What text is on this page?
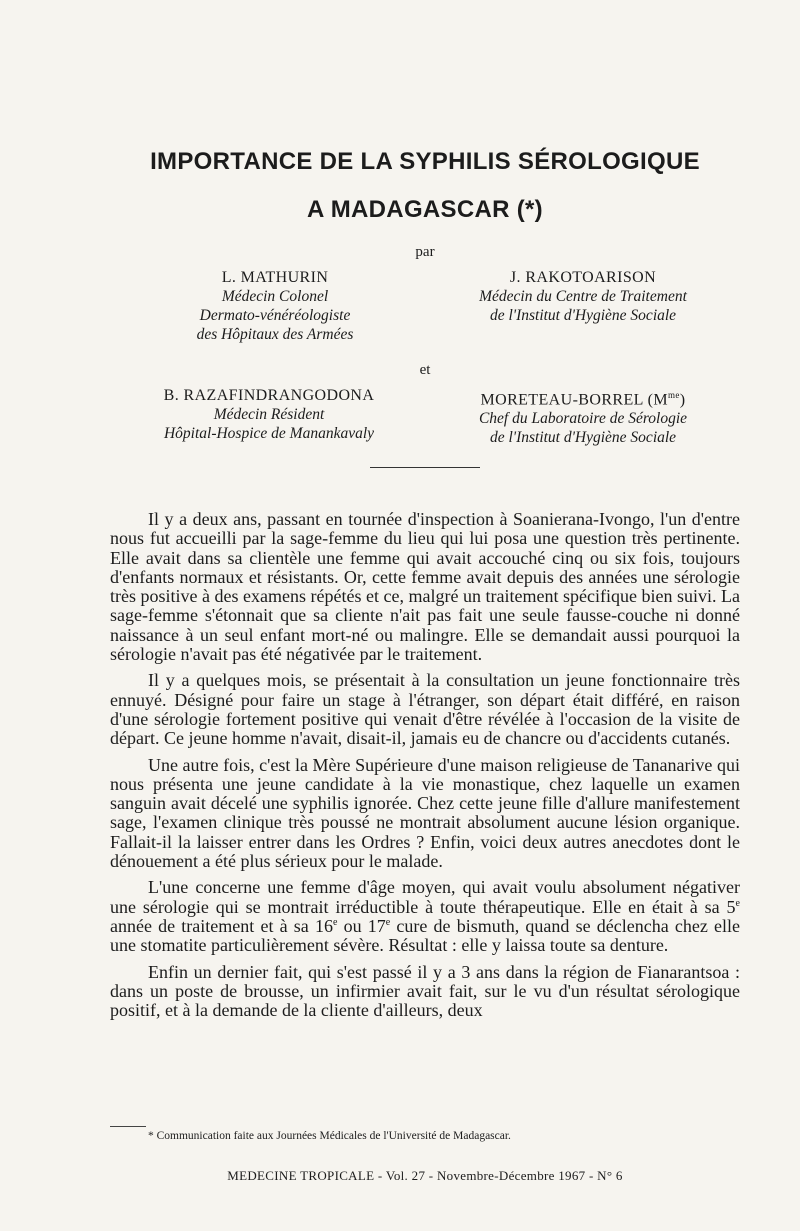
IMPORTANCE DE LA SYPHILIS SÉROLOGIQUE
A MADAGASCAR (*)
par
L. MATHURIN
Médecin Colonel
Dermato-vénéréologiste
des Hôpitaux des Armées
J. RAKOTOARISON
Médecin du Centre de Traitement
de l'Institut d'Hygiène Sociale
et
B. RAZAFINDRANGODONA
Médecin Résident
Hôpital-Hospice de Manankavaly
MORETEAU-BORREL $(M^{me})$
Chef du Laboratoire de Sérologie
de l'Institut d'Hygiène Sociale

Il y a deux ans, passant en tournée d'inspection à Soanierana-Ivongo, l'un d'entre nous fut accueilli par la sage-femme du lieu qui lui posa une question très pertinente. Elle avait dans sa clientèle une femme qui avait accouché cinq ou six fois, toujours d'enfants normaux et résistants. Or, cette femme avait depuis des années une sérologie très positive à des examens répétés et ce, malgré un traitement spécifique bien suivi. La sage-femme s'étonnait que sa cliente n'ait pas fait une seule fausse-couche ni donné naissance à un seul enfant mort-né ou malingre. Elle se demandait aussi pourquoi la sérologie n'avait pas été négativée par le traitement.

Il y a quelques mois, se présentait à la consultation un jeune fonctionnaire très ennuyé. Désigné pour faire un stage à l'étranger, son départ était différé, en raison d'une sérologie fortement positive qui venait d'être révélée à l'occasion de la visite de départ. Ce jeune homme n'avait, disait-il, jamais eu de chancre ou d'accidents cutanés.

Une autre fois, c'est la Mère Supérieure d'une maison religieuse de Tananarive qui nous présenta une jeune candidate à la vie monastique, chez laquelle un examen sanguin avait décelé une syphilis ignorée. Chez cette jeune fille d'allure manifestement sage, l'examen clinique très poussé ne montrait absolument aucune lésion organique. Fallait-il la laisser entrer dans les Ordres ? Enfin, voici deux autres anecdotes dont le dénouement a été plus sérieux pour le malade.

L'une concerne une femme d'âge moyen, qui avait voulu absolument négativer une sérologie qui se montrait irréductible à toute thérapeutique. Elle en était à sa 5e année de traitement et à sa 16e ou 17e cure de bismuth, quand se déclencha chez elle une stomatite particulièrement sévère. Résultat : elle y laissa toute sa denture.

Enfin un dernier fait, qui s'est passé il y a 3 ans dans la région de Fianarantsoa : dans un poste de brousse, un infirmier avait fait, sur le vu d'un résultat sérologique positif, et à la demande de la cliente d'ailleurs, deux

* Communication faite aux Journées Médicales de l'Université de Madagascar.
MEDECINE TROPICALE - Vol. 27 - Novembre-Décembre 1967 - N° 6
